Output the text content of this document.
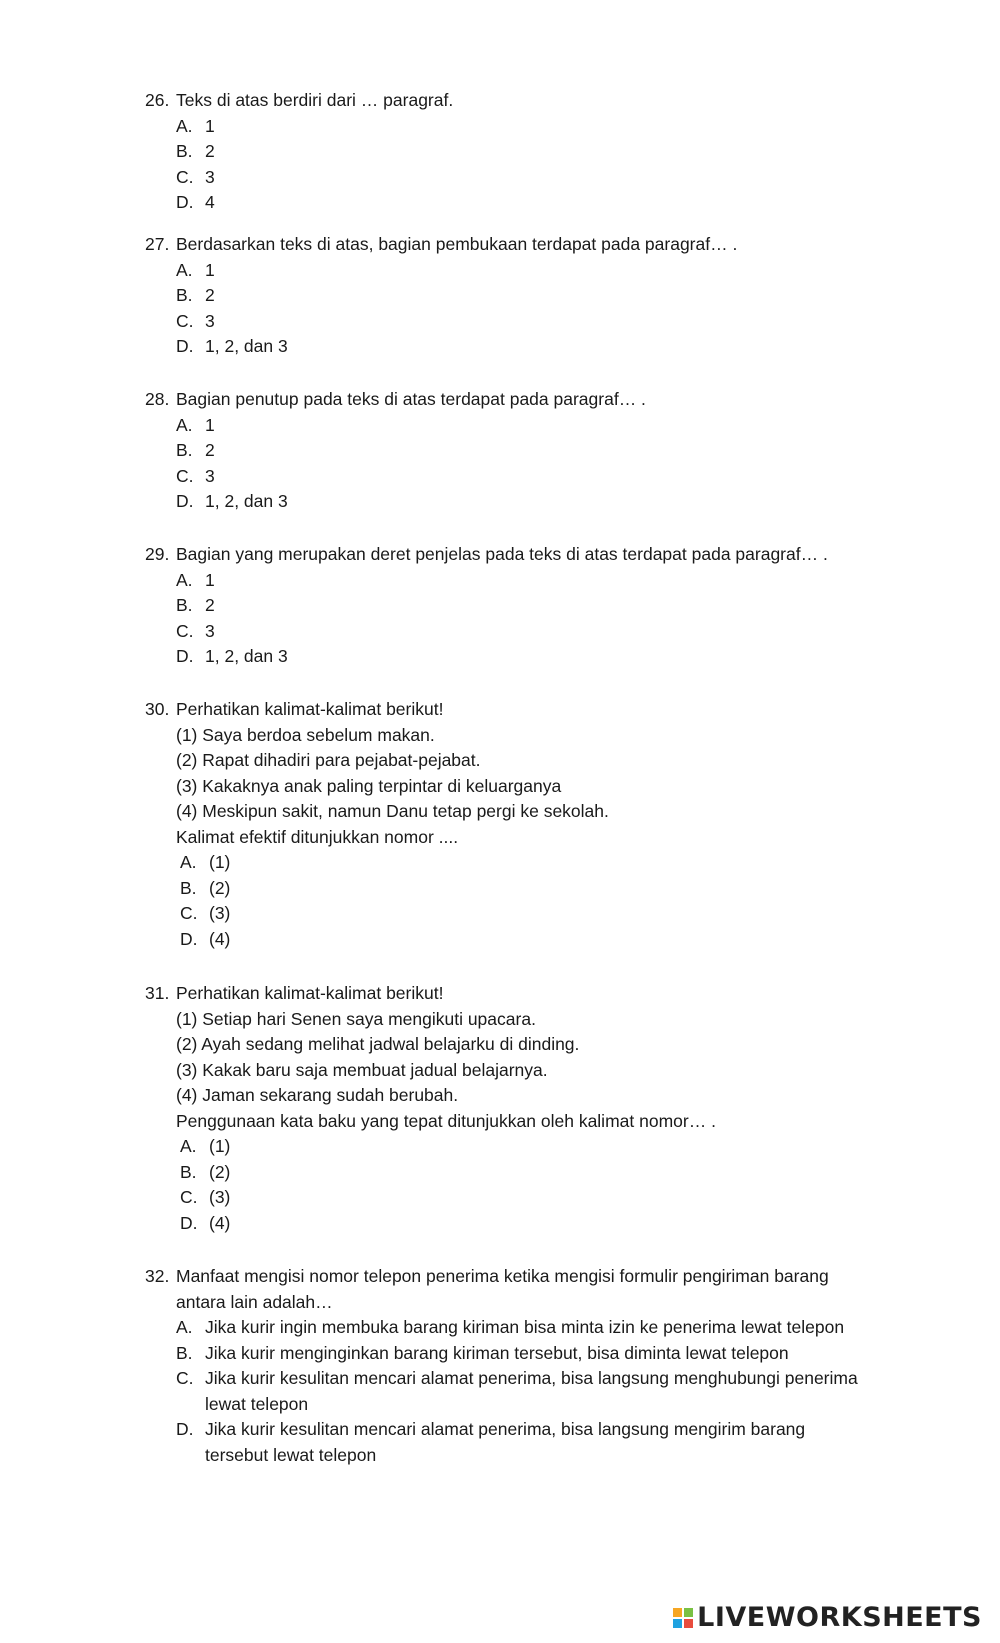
26. Teks di atas berdiri dari … paragraf.
A. 1
B. 2
C. 3
D. 4
27. Berdasarkan teks di atas, bagian pembukaan terdapat pada paragraf… .
A. 1
B. 2
C. 3
D. 1, 2, dan 3
28. Bagian penutup pada teks di atas terdapat pada paragraf… .
A. 1
B. 2
C. 3
D. 1, 2, dan 3
29. Bagian yang merupakan deret penjelas pada teks di atas terdapat pada paragraf… .
A. 1
B. 2
C. 3
D. 1, 2, dan 3
30. Perhatikan kalimat-kalimat berikut!
(1) Saya berdoa sebelum makan.
(2) Rapat dihadiri para pejabat-pejabat.
(3) Kakaknya anak paling terpintar di keluarganya
(4) Meskipun sakit, namun Danu tetap pergi ke sekolah.
Kalimat efektif ditunjukkan nomor ....
A. (1)
B. (2)
C. (3)
D. (4)
31. Perhatikan kalimat-kalimat berikut!
(1) Setiap hari Senen saya mengikuti upacara.
(2) Ayah sedang melihat jadwal belajarku di dinding.
(3) Kakak baru saja membuat jadual belajarnya.
(4) Jaman sekarang sudah berubah.
Penggunaan kata baku yang tepat ditunjukkan oleh kalimat nomor… .
A. (1)
B. (2)
C. (3)
D. (4)
32. Manfaat mengisi nomor telepon penerima ketika mengisi formulir pengiriman barang antara lain adalah…
A. Jika kurir ingin membuka barang kiriman bisa minta izin ke penerima lewat telepon
B. Jika kurir menginginkan barang kiriman tersebut, bisa diminta lewat telepon
C. Jika kurir kesulitan mencari alamat penerima, bisa langsung menghubungi penerima lewat telepon
D. Jika kurir kesulitan mencari alamat penerima, bisa langsung mengirim barang tersebut lewat telepon
LIVEWORKSHEETS
